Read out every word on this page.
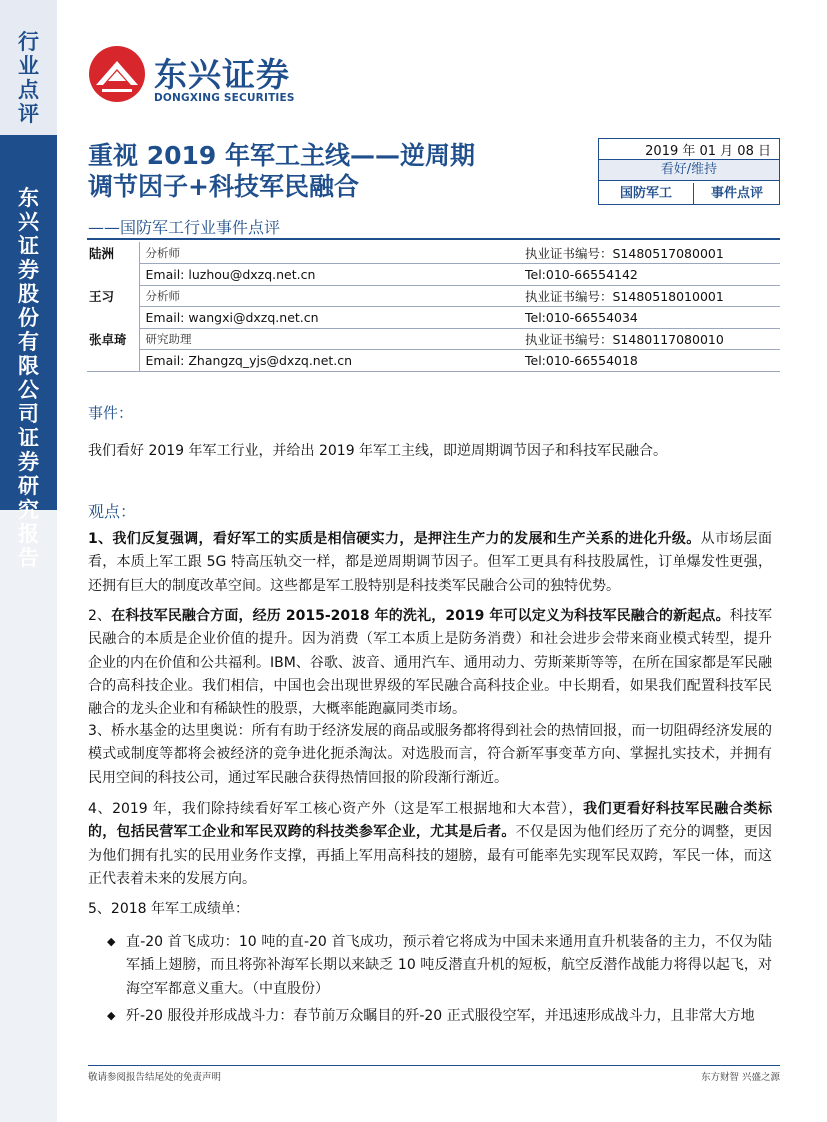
行
业
点
评
东
兴
证
券
股
份
有
限
公
司
证
券
研
究
报
告
东兴证券
DONGXING SECURITIES
重视 2019 年军工主线——逆周期
调节因子+科技军民融合
——国防军工行业事件点评
2019 年 01 月 08 日
看好/维持
国防军工	事件点评
陆洲	分析师	执业证书编号：S1480517080001
	Email: luzhou@dxzq.net.cn	Tel:010-66554142
王习	分析师	执业证书编号：S1480518010001
	Email: wangxi@dxzq.net.cn	Tel:010-66554034
张卓琦	研究助理	执业证书编号：S1480117080010
	Email: Zhangzq_yjs@dxzq.net.cn	Tel:010-66554018
事件：
我们看好 2019 年军工行业，并给出 2019 年军工主线，即逆周期调节因子和科技军民融合。
观点：
1、我们反复强调，看好军工的实质是相信硬实力，是押注生产力的发展和生产关系的进化升级。从市场层面看，本质上军工跟 5G 特高压轨交一样，都是逆周期调节因子。但军工更具有科技股属性，订单爆发性更强，还拥有巨大的制度改革空间。这些都是军工股特别是科技类军民融合公司的独特优势。
2、在科技军民融合方面，经历 2015-2018 年的洗礼，2019 年可以定义为科技军民融合的新起点。科技军民融合的本质是企业价值的提升。因为消费（军工本质上是防务消费）和社会进步会带来商业模式转型，提升企业的内在价值和公共福利。IBM、谷歌、波音、通用汽车、通用动力、劳斯莱斯等等，在所在国家都是军民融合的高科技企业。我们相信，中国也会出现世界级的军民融合高科技企业。中长期看，如果我们配置科技军民融合的龙头企业和有稀缺性的股票，大概率能跑赢同类市场。
3、桥水基金的达里奥说：所有有助于经济发展的商品或服务都将得到社会的热情回报，而一切阻碍经济发展的模式或制度等都将会被经济的竞争进化扼杀淘汰。对选股而言，符合新军事变革方向、掌握扎实技术，并拥有民用空间的科技公司，通过军民融合获得热情回报的阶段渐行渐近。
4、2019 年，我们除持续看好军工核心资产外（这是军工根据地和大本营），我们更看好科技军民融合类标的，包括民营军工企业和军民双跨的科技类参军企业，尤其是后者。不仅是因为他们经历了充分的调整，更因为他们拥有扎实的民用业务作支撑，再插上军用高科技的翅膀，最有可能率先实现军民双跨，军民一体，而这正代表着未来的发展方向。
5、2018 年军工成绩单：
◆ 直-20 首飞成功：10 吨的直-20 首飞成功，预示着它将成为中国未来通用直升机装备的主力，不仅为陆军插上翅膀，而且将弥补海军长期以来缺乏 10 吨反潜直升机的短板，航空反潜作战能力将得以起飞，对海空军都意义重大。（中直股份）
◆ 歼-20 服役并形成战斗力：春节前万众瞩目的歼-20 正式服役空军，并迅速形成战斗力，且非常大方地
敬请参阅报告结尾处的免责声明	东方财智 兴盛之源
